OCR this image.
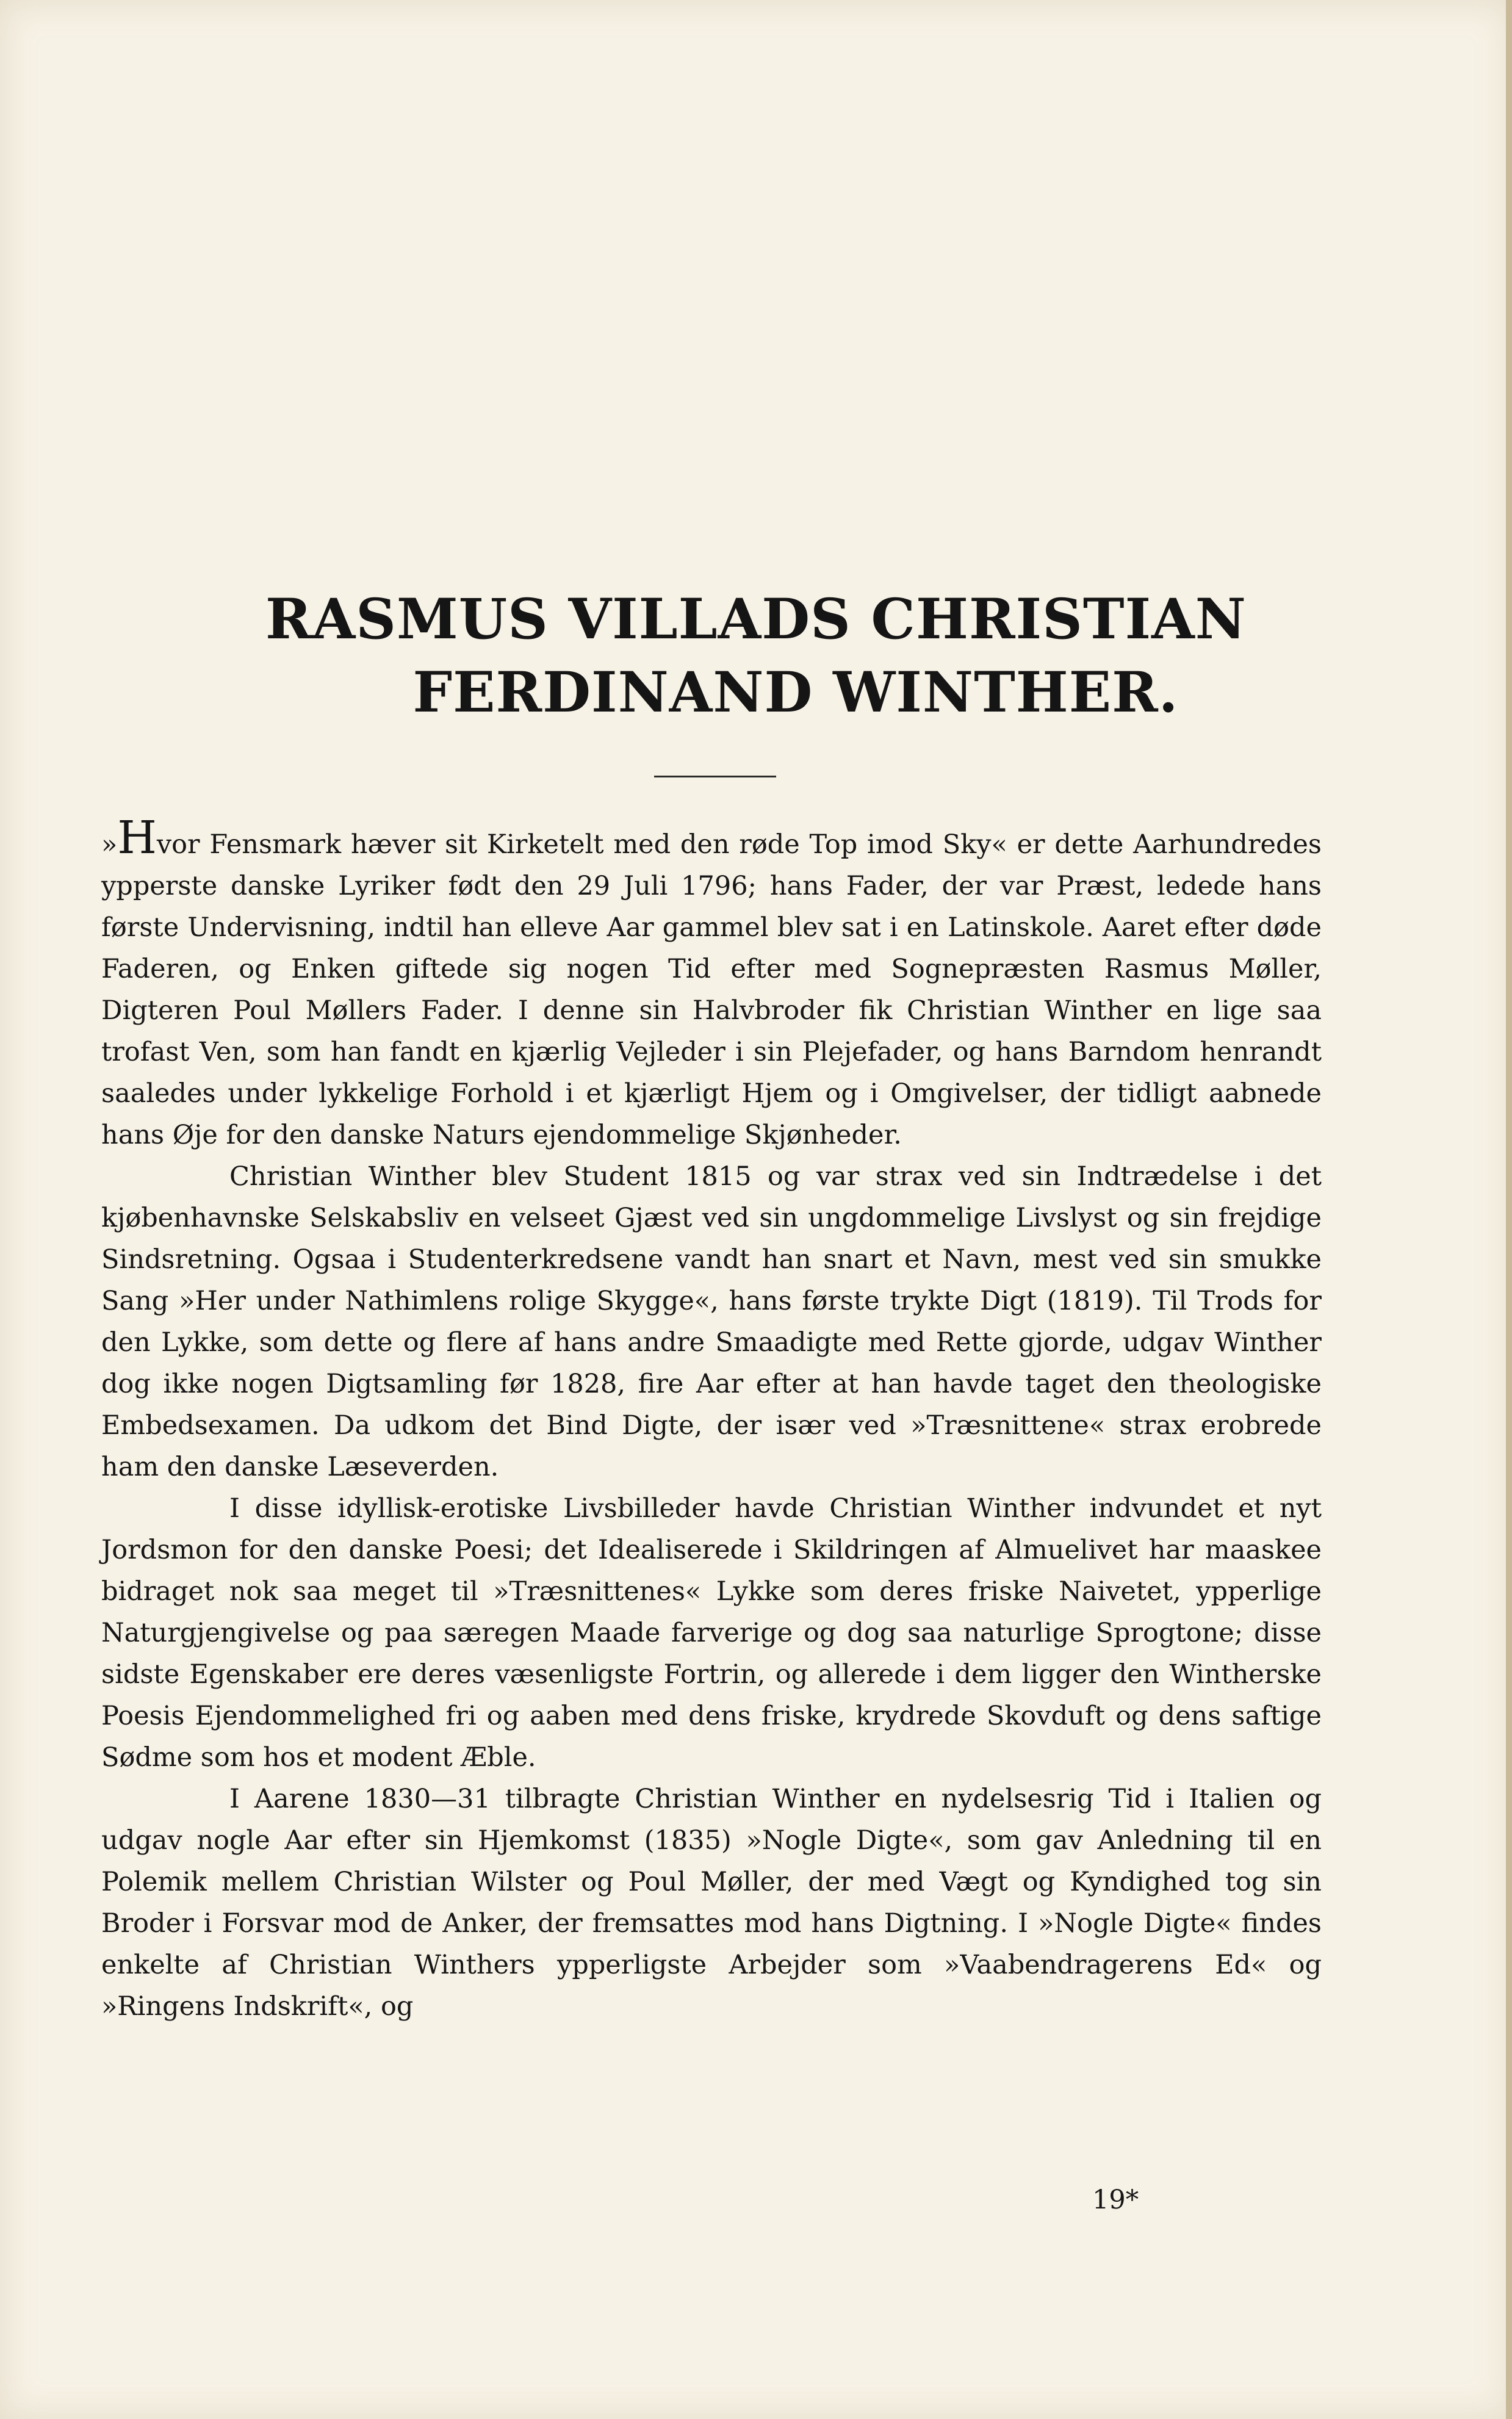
RASMUS VILLADS CHRISTIAN
FERDINAND WINTHER.

»Hvor Fensmark hæver sit Kirketelt med den røde Top imod Sky« er dette Aarhundredes ypperste danske Lyriker født den 29 Juli 1796; hans Fader, der var Præst, ledede hans første Undervisning, indtil han elleve Aar gammel blev sat i en Latinskole. Aaret efter døde Faderen, og Enken giftede sig nogen Tid efter med Sognepræsten Rasmus Møller, Digteren Poul Møllers Fader. I denne sin Halvbroder fik Christian Winther en lige saa trofast Ven, som han fandt en kjærlig Vejleder i sin Plejefader, og hans Barndom henrandt saaledes under lykkelige Forhold i et kjærligt Hjem og i Omgivelser, der tidligt aabnede hans Øje for den danske Naturs ejendommelige Skjønheder.

Christian Winther blev Student 1815 og var strax ved sin Indtrædelse i det kjøbenhavnske Selskabsliv en velseet Gjæst ved sin ungdommelige Livslyst og sin frejdige Sindsretning. Ogsaa i Studenterkredsene vandt han snart et Navn, mest ved sin smukke Sang »Her under Nathimlens rolige Skygge«, hans første trykte Digt (1819). Til Trods for den Lykke, som dette og flere af hans andre Smaadigte med Rette gjorde, udgav Winther dog ikke nogen Digtsamling før 1828, fire Aar efter at han havde taget den theologiske Embedsexamen. Da udkom det Bind Digte, der især ved »Træsnittene« strax erobrede ham den danske Læseverden.

I disse idyllisk-erotiske Livsbilleder havde Christian Winther indvundet et nyt Jordsmon for den danske Poesi; det Idealiserede i Skildringen af Almuelivet har maaskee bidraget nok saa meget til »Træsnittenes« Lykke som deres friske Naivetet, ypperlige Naturgjengivelse og paa særegen Maade farverige og dog saa naturlige Sprogtone; disse sidste Egenskaber ere deres væsenligste Fortrin, og allerede i dem ligger den Wintherske Poesis Ejendommelighed fri og aaben med dens friske, krydrede Skovduft og dens saftige Sødme som hos et modent Æble.

I Aarene 1830—31 tilbragte Christian Winther en nydelsesrig Tid i Italien og udgav nogle Aar efter sin Hjemkomst (1835) »Nogle Digte«, som gav Anledning til en Polemik mellem Christian Wilster og Poul Møller, der med Vægt og Kyndighed tog sin Broder i Forsvar mod de Anker, der fremsattes mod hans Digtning. I »Nogle Digte« findes enkelte af Christian Winthers ypperligste Arbejder som »Vaabendragerens Ed« og »Ringens Indskrift«, og

19*
